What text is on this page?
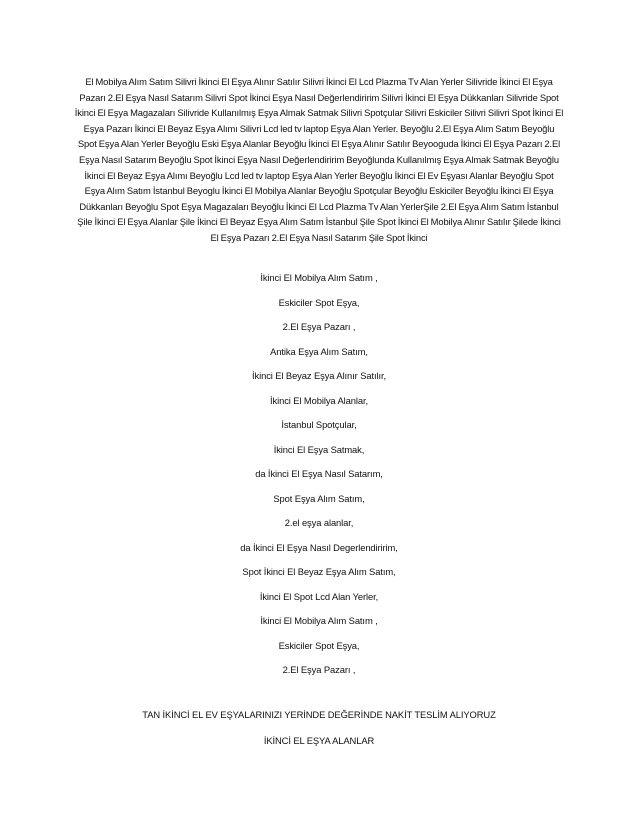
El Mobilya Alım Satım Silivri İkinci El Eşya Alınır Satılır Silivri İkinci El Lcd Plazma Tv Alan Yerler Silivride İkinci El Eşya Pazarı 2.El Eşya Nasıl Satarım Silivri Spot İkinci Eşya Nasıl Değerlendiririm Silivri İkinci El Eşya Dükkanları Silivride Spot İkinci El Eşya Magazaları Silivride Kullanılmış Eşya Almak Satmak Silivri Spotçular Silivri Eskiciler Silivri Silivri Spot İkinci El Eşya Pazarı İkinci El Beyaz Eşya Alımı Silivri Lcd led tv laptop Eşya Alan Yerler. Beyoğlu 2.El Eşya Alım Satım Beyoğlu Spot Eşya Alan Yerler Beyoğlu Eski Eşya Alanlar Beyoğlu İkinci El Eşya Alınır Satılır Beyooguda İkinci El Eşya Pazarı 2.El Eşya Nasıl Satarım Beyoğlu Spot İkinci Eşya Nasıl Değerlendiririm Beyoğlunda Kullanılmış Eşya Almak Satmak Beyoğlu İkinci El Beyaz Eşya Alımı Beyoğlu Lcd led tv laptop Eşya Alan Yerler Beyoğlu İkinci El Ev Eşyası Alanlar Beyoğlu Spot Eşya Alım Satım İstanbul Beyoglu İkinci El Mobilya Alanlar Beyoğlu Spotçular Beyoğlu Eskiciler Beyoğlu İkinci El Eşya Dükkanları Beyoğlu Spot Eşya Magazaları Beyoğlu İkinci El Lcd Plazma Tv Alan YerlerŞile 2.El Eşya Alım Satım İstanbul Şile İkinci El Eşya Alanlar Şile İkinci El Beyaz Eşya Alım Satım İstanbul Şile Spot İkinci El Mobilya Alınır Satılır Şilede İkinci El Eşya Pazarı 2.El Eşya Nasıl Satarım Şile Spot İkinci

İkinci El Mobilya Alım Satım ,
Eskiciler Spot Eşya,
2.El Eşya Pazarı ,
Antika Eşya Alım Satım,
İkinci El Beyaz Eşya Alınır Satılır,
İkinci El Mobilya Alanlar,
İstanbul Spotçular,
İkinci El Eşya Satmak,
da İkinci El Eşya Nasıl Satarım,
Spot Eşya Alım Satım,
2.el eşya alanlar,
da İkinci El Eşya Nasıl Degerlendiririm,
Spot İkinci El Beyaz Eşya Alım Satım,
İkinci El Spot Lcd Alan Yerler,
İkinci El Mobilya Alım Satım ,
Eskiciler Spot Eşya,
2.El Eşya Pazarı ,

TAN İKİNCİ EL EV EŞYALARINIZI YERİNDE DEĞERİNDE NAKİT TESLİM ALIYORUZ

İKİNCİ EL EŞYA ALANLAR
